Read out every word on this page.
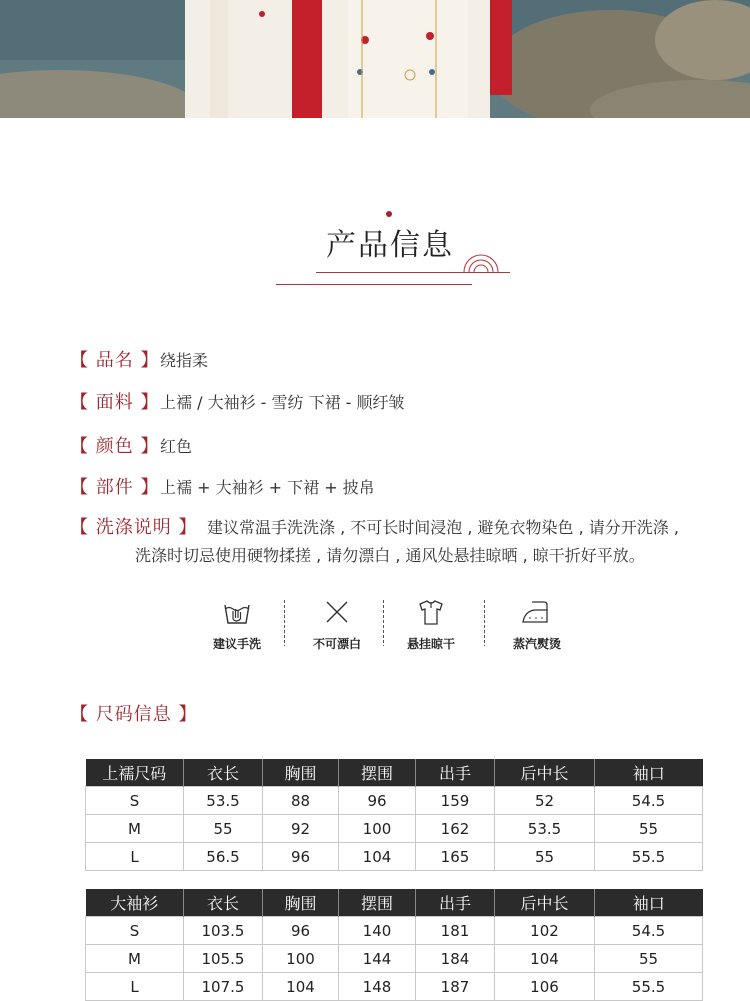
产品信息
【 品名 】 绕指柔
【 面料 】 上襦 / 大袖衫 - 雪纺 下裙 - 顺纡皱
【 颜色 】 红色
【 部件 】 上襦 + 大袖衫 + 下裙 + 披帛
【 洗涤说明 】 建议常温手洗洗涤 , 不可长时间浸泡 , 避免衣物染色 , 请分开洗涤 ,
洗涤时切忌使用硬物揉搓 , 请勿漂白 , 通风处悬挂晾晒 , 晾干折好平放。
建议手洗	不可漂白	悬挂晾干	蒸汽熨烫
【 尺码信息 】
上襦尺码	衣长	胸围	摆围	出手	后中长	袖口
S	53.5	88	96	159	52	54.5
M	55	92	100	162	53.5	55
L	56.5	96	104	165	55	55.5
大袖衫	衣长	胸围	摆围	出手	后中长	袖口
S	103.5	96	140	181	102	54.5
M	105.5	100	144	184	104	55
L	107.5	104	148	187	106	55.5
